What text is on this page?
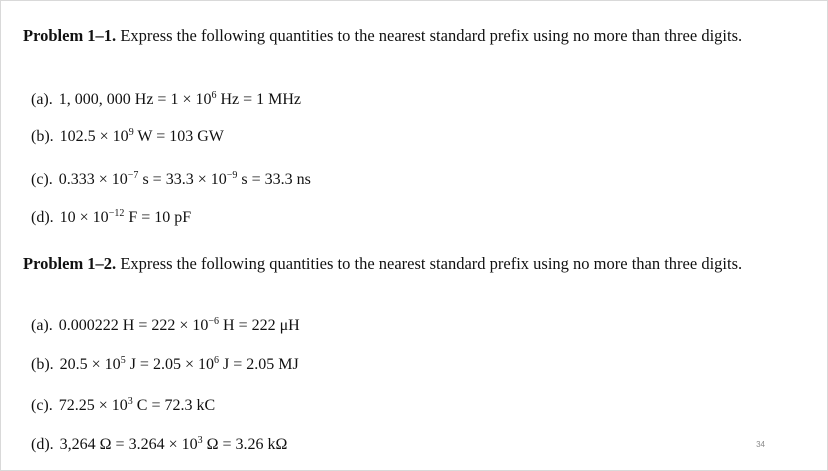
Problem 1–1. Express the following quantities to the nearest standard prefix using no more than three digits.

(a). 1, 000, 000 $Hz = 1 \times 10^6$ Hz = 1 MHz
(b). $102.5 \times 10^9$ W = 103 GW
(c). $0.333 \times 10^{-7}$ $s = 33.3 \times 10^{-9}$ s = 33.3 ns
(d). $10 \times 10^{-12}$ F = 10 pF

Problem 1–2. Express the following quantities to the nearest standard prefix using no more than three digits.

(a). 0.000222 $H = 222 \times 10^{-6}$ H = 222 μH
(b). $20.5 \times 10^5$ $J = 2.05 \times 10^6$ J = 2.05 MJ
(c). $72.25 \times 10^3$ C = 72.3 kC
(d). 3,264 $\Omega = 3.264 \times 10^3$ Ω = 3.26 kΩ	34
